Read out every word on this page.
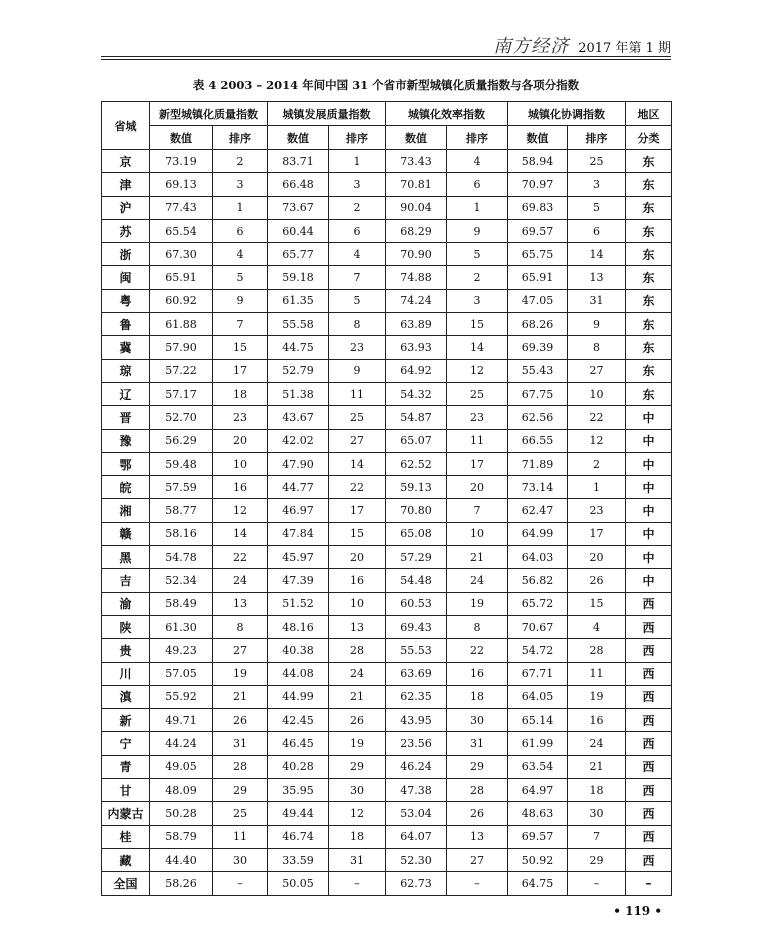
南方经济 2017 年第 1 期
表 4 2003 – 2014 年间中国 31 个省市新型城镇化质量指数与各项分指数
省城	新型城镇化质量指数		城镇发展质量指数		城镇化效率指数		城镇化协调指数		地区
	数值	排序	数值	排序	数值	排序	数值	排序	分类
京	73.19	2	83.71	1	73.43	4	58.94	25	东
津	69.13	3	66.48	3	70.81	6	70.97	3	东
沪	77.43	1	73.67	2	90.04	1	69.83	5	东
苏	65.54	6	60.44	6	68.29	9	69.57	6	东
浙	67.30	4	65.77	4	70.90	5	65.75	14	东
闽	65.91	5	59.18	7	74.88	2	65.91	13	东
粤	60.92	9	61.35	5	74.24	3	47.05	31	东
鲁	61.88	7	55.58	8	63.89	15	68.26	9	东
冀	57.90	15	44.75	23	63.93	14	69.39	8	东
琼	57.22	17	52.79	9	64.92	12	55.43	27	东
辽	57.17	18	51.38	11	54.32	25	67.75	10	东
晋	52.70	23	43.67	25	54.87	23	62.56	22	中
豫	56.29	20	42.02	27	65.07	11	66.55	12	中
鄂	59.48	10	47.90	14	62.52	17	71.89	2	中
皖	57.59	16	44.77	22	59.13	20	73.14	1	中
湘	58.77	12	46.97	17	70.80	7	62.47	23	中
赣	58.16	14	47.84	15	65.08	10	64.99	17	中
黑	54.78	22	45.97	20	57.29	21	64.03	20	中
吉	52.34	24	47.39	16	54.48	24	56.82	26	中
渝	58.49	13	51.52	10	60.53	19	65.72	15	西
陕	61.30	8	48.16	13	69.43	8	70.67	4	西
贵	49.23	27	40.38	28	55.53	22	54.72	28	西
川	57.05	19	44.08	24	63.69	16	67.71	11	西
滇	55.92	21	44.99	21	62.35	18	64.05	19	西
新	49.71	26	42.45	26	43.95	30	65.14	16	西
宁	44.24	31	46.45	19	23.56	31	61.99	24	西
青	49.05	28	40.28	29	46.24	29	63.54	21	西
甘	48.09	29	35.95	30	47.38	28	64.97	18	西
内蒙古	50.28	25	49.44	12	53.04	26	48.63	30	西
桂	58.79	11	46.74	18	64.07	13	69.57	7	西
藏	44.40	30	33.59	31	52.30	27	50.92	29	西
全国	58.26	–	50.05	–	62.73	–	64.75	–	–
• 119 •
